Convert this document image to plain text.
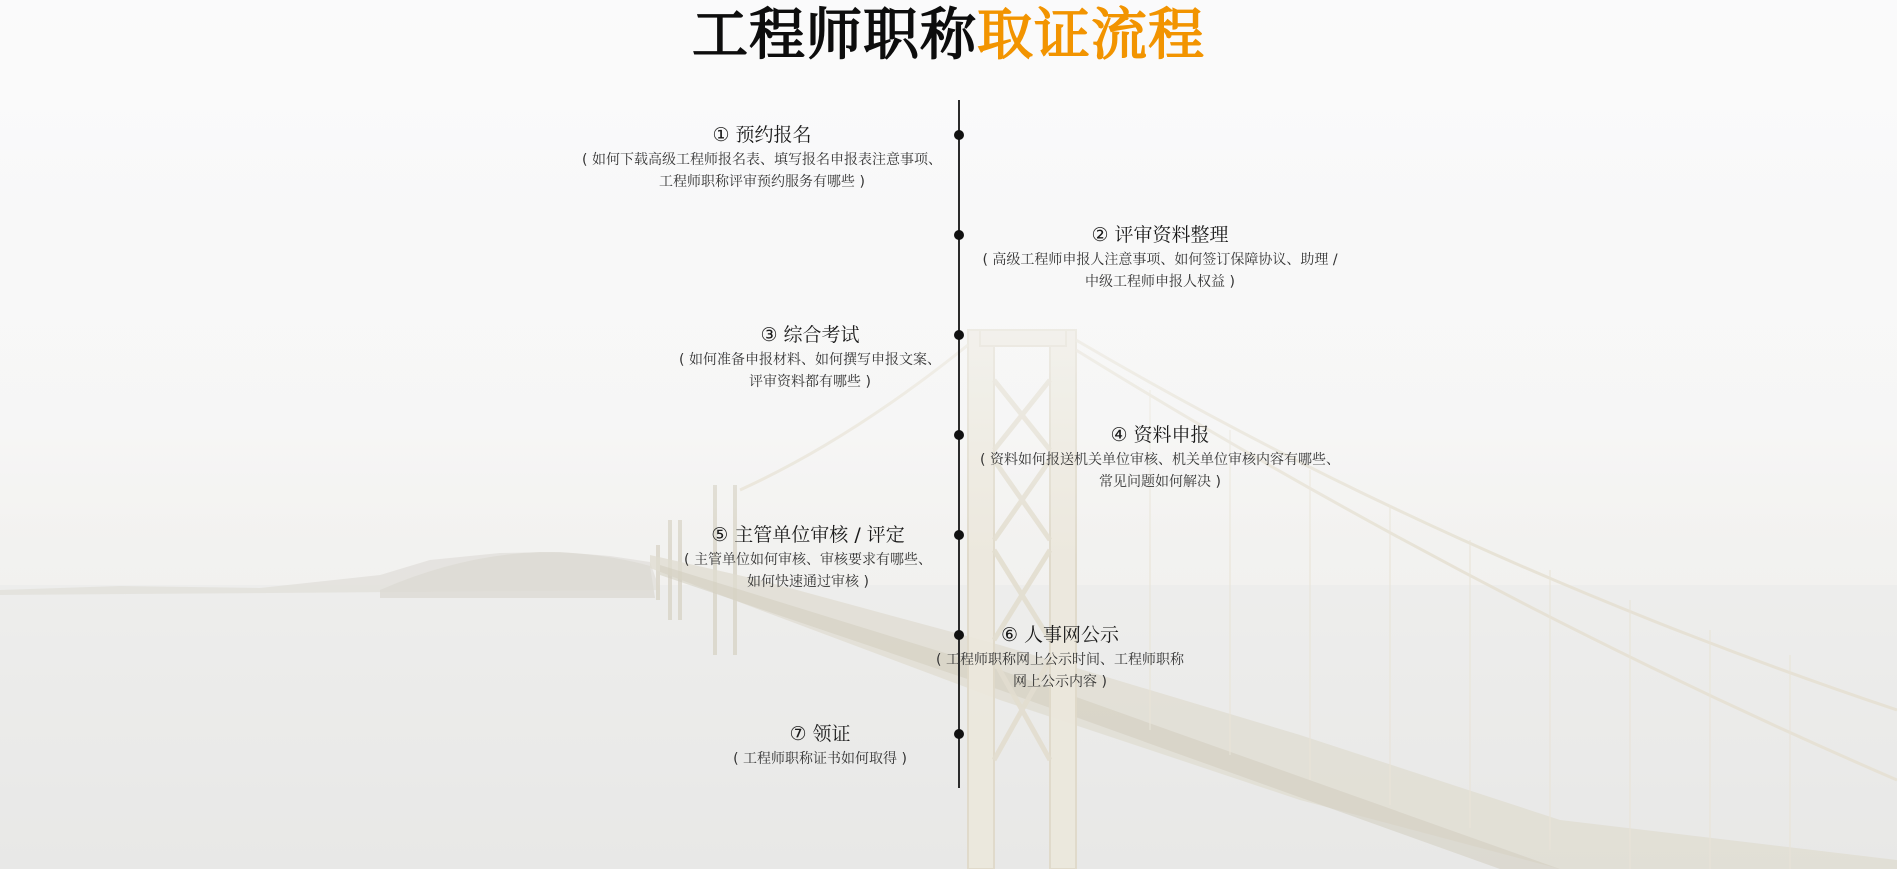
工程师职称取证流程
① 预约报名
( 如何下载高级工程师报名表、填写报名申报表注意事项、
工程师职称评审预约服务有哪些 )
② 评审资料整理
( 高级工程师申报人注意事项、如何签订保障协议、助理 /
中级工程师申报人权益 )
③ 综合考试
( 如何准备申报材料、如何撰写申报文案、
评审资料都有哪些 )
④ 资料申报
( 资料如何报送机关单位审核、机关单位审核内容有哪些、
常见问题如何解决 )
⑤ 主管单位审核 / 评定
( 主管单位如何审核、审核要求有哪些、
如何快速通过审核 )
⑥ 人事网公示
( 工程师职称网上公示时间、工程师职称
网上公示内容 )
⑦ 领证
( 工程师职称证书如何取得 )
